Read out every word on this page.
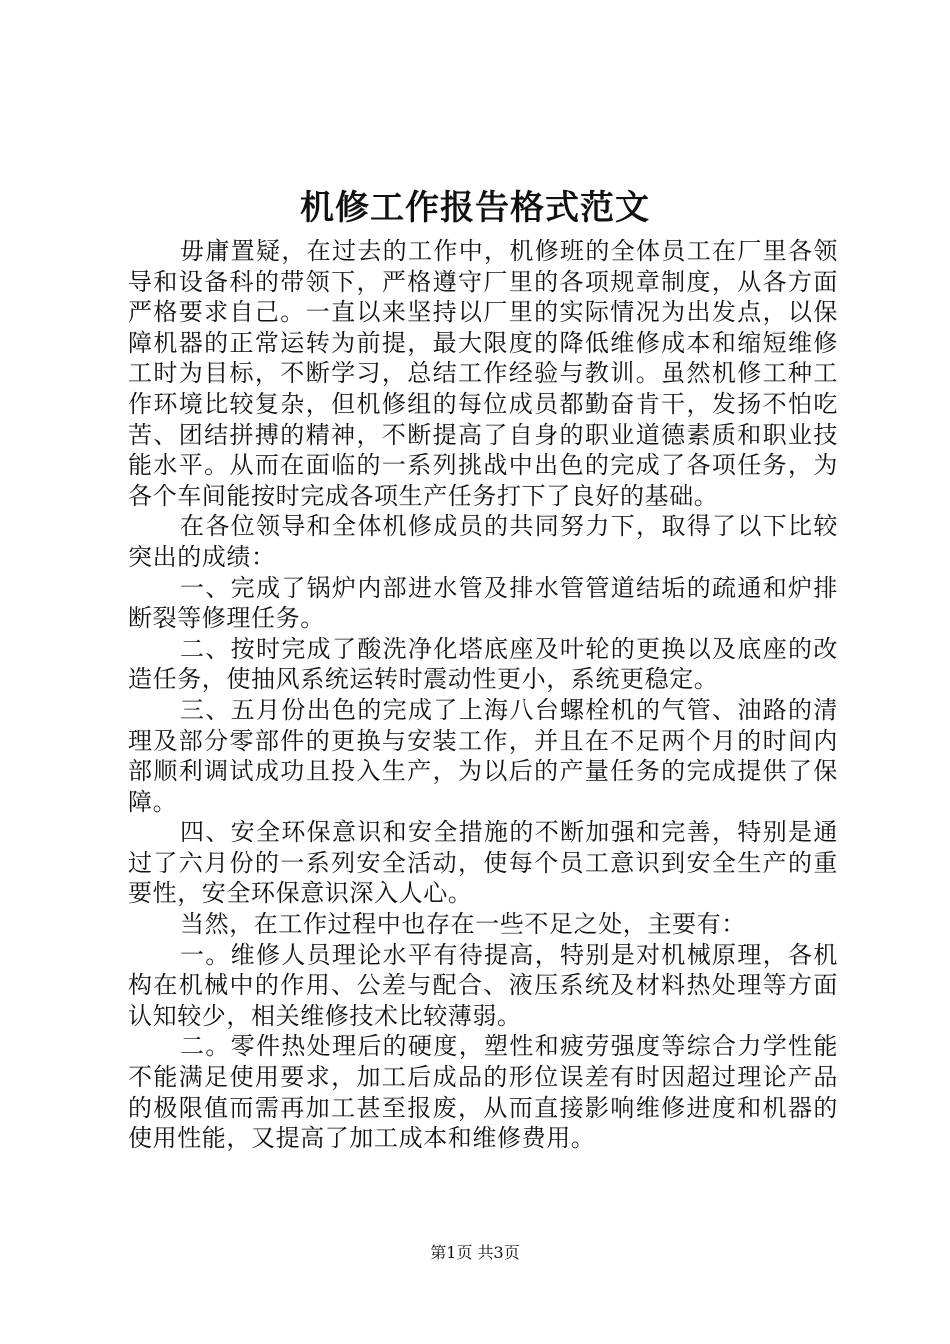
机修工作报告格式范文

毋庸置疑，在过去的工作中，机修班的全体员工在厂里各领导和设备科的带领下，严格遵守厂里的各项规章制度，从各方面严格要求自己。一直以来坚持以厂里的实际情况为出发点，以保障机器的正常运转为前提，最大限度的降低维修成本和缩短维修工时为目标，不断学习，总结工作经验与教训。虽然机修工种工作环境比较复杂，但机修组的每位成员都勤奋肯干，发扬不怕吃苦、团结拼搏的精神，不断提高了自身的职业道德素质和职业技能水平。从而在面临的一系列挑战中出色的完成了各项任务，为各个车间能按时完成各项生产任务打下了良好的基础。

在各位领导和全体机修成员的共同努力下，取得了以下比较突出的成绩：

一、完成了锅炉内部进水管及排水管管道结垢的疏通和炉排断裂等修理任务。

二、按时完成了酸洗净化塔底座及叶轮的更换以及底座的改造任务，使抽风系统运转时震动性更小，系统更稳定。

三、五月份出色的完成了上海八台螺栓机的气管、油路的清理及部分零部件的更换与安装工作，并且在不足两个月的时间内部顺利调试成功且投入生产，为以后的产量任务的完成提供了保障。

四、安全环保意识和安全措施的不断加强和完善，特别是通过了六月份的一系列安全活动，使每个员工意识到安全生产的重要性，安全环保意识深入人心。

当然，在工作过程中也存在一些不足之处，主要有：

一。维修人员理论水平有待提高，特别是对机械原理，各机构在机械中的作用、公差与配合、液压系统及材料热处理等方面认知较少，相关维修技术比较薄弱。

二。零件热处理后的硬度，塑性和疲劳强度等综合力学性能不能满足使用要求，加工后成品的形位误差有时因超过理论产品的极限值而需再加工甚至报废，从而直接影响维修进度和机器的使用性能，又提高了加工成本和维修费用。

第1页 共3页
